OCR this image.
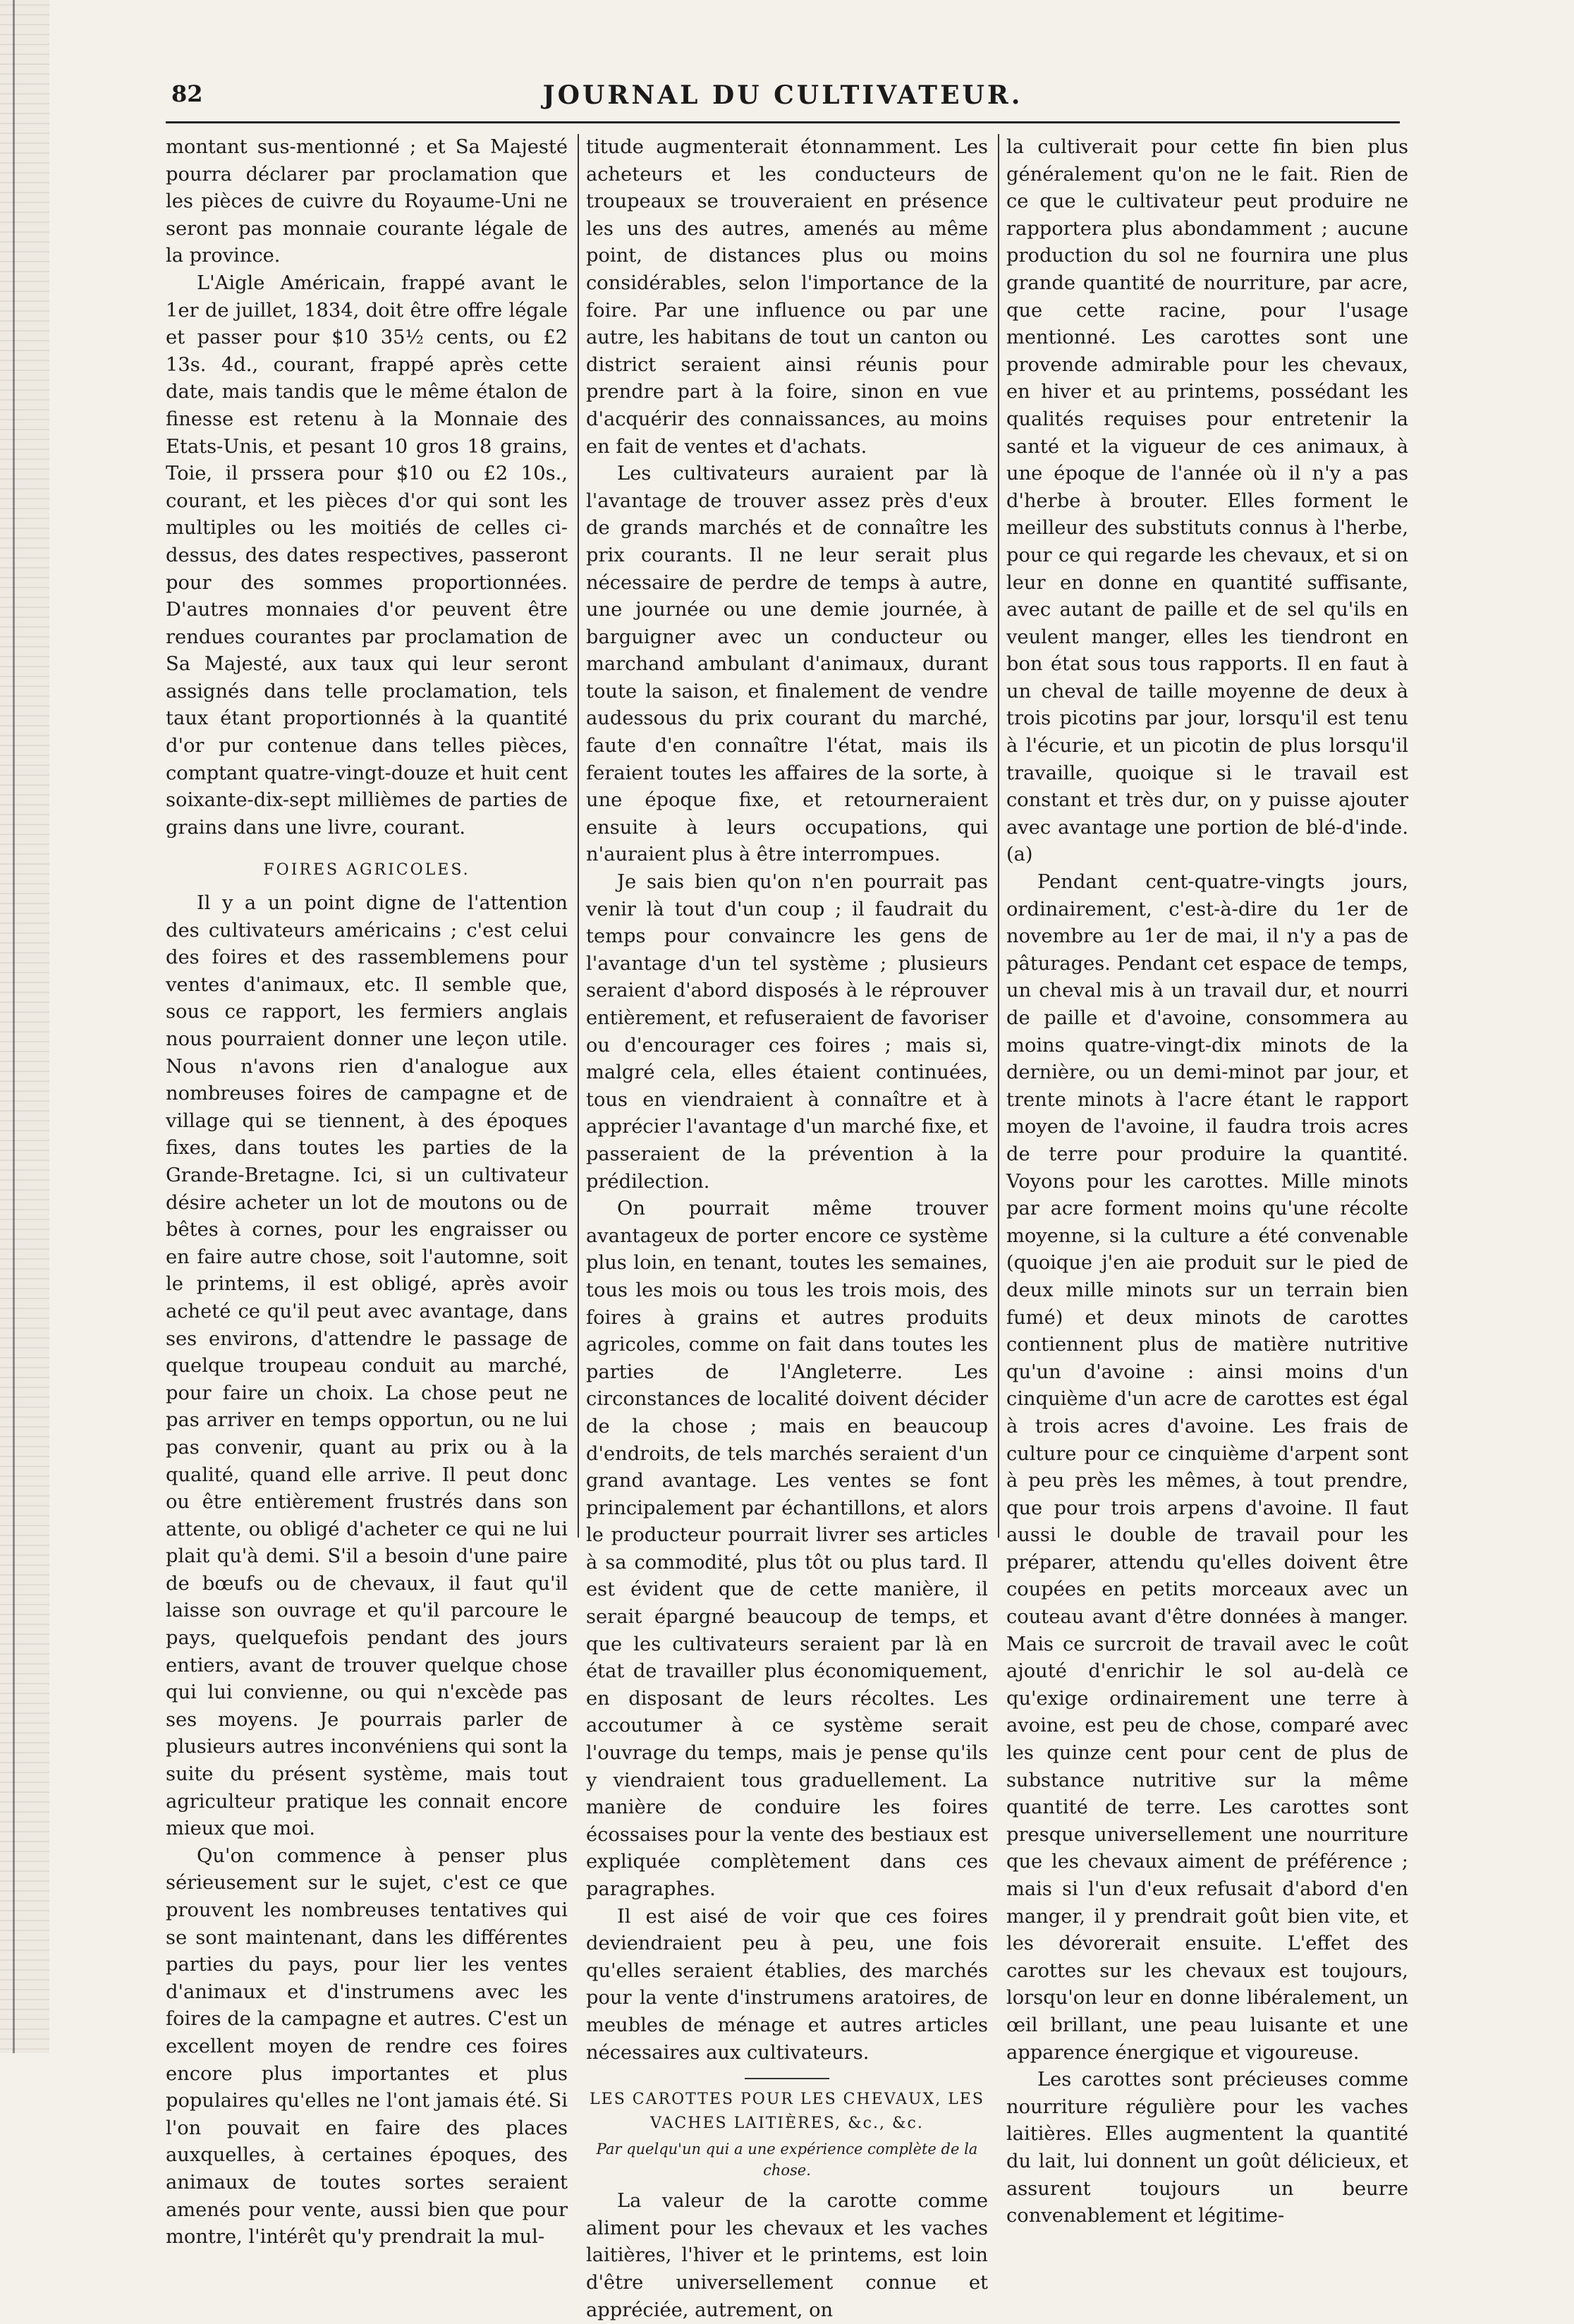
82	JOURNAL DU CULTIVATEUR.

montant sus-mentionné ; et Sa Majesté pourra déclarer par proclamation que les pièces de cuivre du Royaume-Uni ne seront pas monnaie courante légale de la province.

L'Aigle Américain, frappé avant le 1er de juillet, 1834, doit être offre légale et passer pour $10 35½ cents, ou £2 13s. 4d., courant, frappé après cette date, mais tandis que le même étalon de finesse est retenu à la Monnaie des Etats-Unis, et pesant 10 gros 18 grains, Toie, il prssera pour $10 ou £2 10s., courant, et les pièces d'or qui sont les multiples ou les moitiés de celles ci-dessus, des dates respectives, passeront pour des sommes proportionnées. D'autres monnaies d'or peuvent être rendues courantes par proclamation de Sa Majesté, aux taux qui leur seront assignés dans telle proclamation, tels taux étant proportionnés à la quantité d'or pur contenue dans telles pièces, comptant quatre-vingt-douze et huit cent soixante-dix-sept millièmes de parties de grains dans une livre, courant.

FOIRES AGRICOLES.

Il y a un point digne de l'attention des cultivateurs américains ; c'est celui des foires et des rassemblemens pour ventes d'animaux, etc. Il semble que, sous ce rapport, les fermiers anglais nous pourraient donner une leçon utile. Nous n'avons rien d'analogue aux nombreuses foires de campagne et de village qui se tiennent, à des époques fixes, dans toutes les parties de la Grande-Bretagne. Ici, si un cultivateur désire acheter un lot de moutons ou de bêtes à cornes, pour les engraisser ou en faire autre chose, soit l'automne, soit le printems, il est obligé, après avoir acheté ce qu'il peut avec avantage, dans ses environs, d'attendre le passage de quelque troupeau conduit au marché, pour faire un choix. La chose peut ne pas arriver en temps opportun, ou ne lui pas convenir, quant au prix ou à la qualité, quand elle arrive. Il peut donc ou être entièrement frustrés dans son attente, ou obligé d'acheter ce qui ne lui plait qu'à demi. S'il a besoin d'une paire de bœufs ou de chevaux, il faut qu'il laisse son ouvrage et qu'il parcoure le pays, quelquefois pendant des jours entiers, avant de trouver quelque chose qui lui convienne, ou qui n'excède pas ses moyens. Je pourrais parler de plusieurs autres inconvéniens qui sont la suite du présent système, mais tout agriculteur pratique les connait encore mieux que moi.

Qu'on commence à penser plus sérieusement sur le sujet, c'est ce que prouvent les nombreuses tentatives qui se sont maintenant, dans les différentes parties du pays, pour lier les ventes d'animaux et d'instrumens avec les foires de la campagne et autres. C'est un excellent moyen de rendre ces foires encore plus importantes et plus populaires qu'elles ne l'ont jamais été. Si l'on pouvait en faire des places auxquelles, à certaines époques, des animaux de toutes sortes seraient amenés pour vente, aussi bien que pour montre, l'intérêt qu'y prendrait la mul-

titude augmenterait étonnamment. Les acheteurs et les conducteurs de troupeaux se trouveraient en présence les uns des autres, amenés au même point, de distances plus ou moins considérables, selon l'importance de la foire. Par une influence ou par une autre, les habitans de tout un canton ou district seraient ainsi réunis pour prendre part à la foire, sinon en vue d'acquérir des connaissances, au moins en fait de ventes et d'achats.

Les cultivateurs auraient par là l'avantage de trouver assez près d'eux de grands marchés et de connaître les prix courants. Il ne leur serait plus nécessaire de perdre de temps à autre, une journée ou une demie journée, à barguigner avec un conducteur ou marchand ambulant d'animaux, durant toute la saison, et finalement de vendre audessous du prix courant du marché, faute d'en connaître l'état, mais ils feraient toutes les affaires de la sorte, à une époque fixe, et retourneraient ensuite à leurs occupations, qui n'auraient plus à être interrompues.

Je sais bien qu'on n'en pourrait pas venir là tout d'un coup ; il faudrait du temps pour convaincre les gens de l'avantage d'un tel système ; plusieurs seraient d'abord disposés à le réprouver entièrement, et refuseraient de favoriser ou d'encourager ces foires ; mais si, malgré cela, elles étaient continuées, tous en viendraient à connaître et à apprécier l'avantage d'un marché fixe, et passeraient de la prévention à la prédilection.

On pourrait même trouver avantageux de porter encore ce système plus loin, en tenant, toutes les semaines, tous les mois ou tous les trois mois, des foires à grains et autres produits agricoles, comme on fait dans toutes les parties de l'Angleterre. Les circonstances de localité doivent décider de la chose ; mais en beaucoup d'endroits, de tels marchés seraient d'un grand avantage. Les ventes se font principalement par échantillons, et alors le producteur pourrait livrer ses articles à sa commodité, plus tôt ou plus tard. Il est évident que de cette manière, il serait épargné beaucoup de temps, et que les cultivateurs seraient par là en état de travailler plus économiquement, en disposant de leurs récoltes. Les accoutumer à ce système serait l'ouvrage du temps, mais je pense qu'ils y viendraient tous graduellement. La manière de conduire les foires écossaises pour la vente des bestiaux est expliquée complètement dans ces paragraphes.

Il est aisé de voir que ces foires deviendraient peu à peu, une fois qu'elles seraient établies, des marchés pour la vente d'instrumens aratoires, de meubles de ménage et autres articles nécessaires aux cultivateurs.

LES CAROTTES POUR LES CHEVAUX, LES VACHES LAITIÈRES, &c., &c.
Par quelqu'un qui a une expérience complète de la chose.

La valeur de la carotte comme aliment pour les chevaux et les vaches laitières, l'hiver et le printems, est loin d'être universellement connue et appréciée, autrement, on

la cultiverait pour cette fin bien plus généralement qu'on ne le fait. Rien de ce que le cultivateur peut produire ne rapportera plus abondamment ; aucune production du sol ne fournira une plus grande quantité de nourriture, par acre, que cette racine, pour l'usage mentionné. Les carottes sont une provende admirable pour les chevaux, en hiver et au printems, possédant les qualités requises pour entretenir la santé et la vigueur de ces animaux, à une époque de l'année où il n'y a pas d'herbe à brouter. Elles forment le meilleur des substituts connus à l'herbe, pour ce qui regarde les chevaux, et si on leur en donne en quantité suffisante, avec autant de paille et de sel qu'ils en veulent manger, elles les tiendront en bon état sous tous rapports. Il en faut à un cheval de taille moyenne de deux à trois picotins par jour, lorsqu'il est tenu à l'écurie, et un picotin de plus lorsqu'il travaille, quoique si le travail est constant et très dur, on y puisse ajouter avec avantage une portion de blé-d'inde.(a)

Pendant cent-quatre-vingts jours, ordinairement, c'est-à-dire du 1er de novembre au 1er de mai, il n'y a pas de pâturages. Pendant cet espace de temps, un cheval mis à un travail dur, et nourri de paille et d'avoine, consommera au moins quatre-vingt-dix minots de la dernière, ou un demi-minot par jour, et trente minots à l'acre étant le rapport moyen de l'avoine, il faudra trois acres de terre pour produire la quantité. Voyons pour les carottes. Mille minots par acre forment moins qu'une récolte moyenne, si la culture a été convenable (quoique j'en aie produit sur le pied de deux mille minots sur un terrain bien fumé) et deux minots de carottes contiennent plus de matière nutritive qu'un d'avoine : ainsi moins d'un cinquième d'un acre de carottes est égal à trois acres d'avoine. Les frais de culture pour ce cinquième d'arpent sont à peu près les mêmes, à tout prendre, que pour trois arpens d'avoine. Il faut aussi le double de travail pour les préparer, attendu qu'elles doivent être coupées en petits morceaux avec un couteau avant d'être données à manger. Mais ce surcroit de travail avec le coût ajouté d'enrichir le sol au-delà ce qu'exige ordinairement une terre à avoine, est peu de chose, comparé avec les quinze cent pour cent de plus de substance nutritive sur la même quantité de terre. Les carottes sont presque universellement une nourriture que les chevaux aiment de préférence ; mais si l'un d'eux refusait d'abord d'en manger, il y prendrait goût bien vite, et les dévorerait ensuite. L'effet des carottes sur les chevaux est toujours, lorsqu'on leur en donne libéralement, un œil brillant, une peau luisante et une apparence énergique et vigoureuse.

Les carottes sont précieuses comme nourriture régulière pour les vaches laitières. Elles augmentent la quantité du lait, lui donnent un goût délicieux, et assurent toujours un beurre convenablement et légitime-
